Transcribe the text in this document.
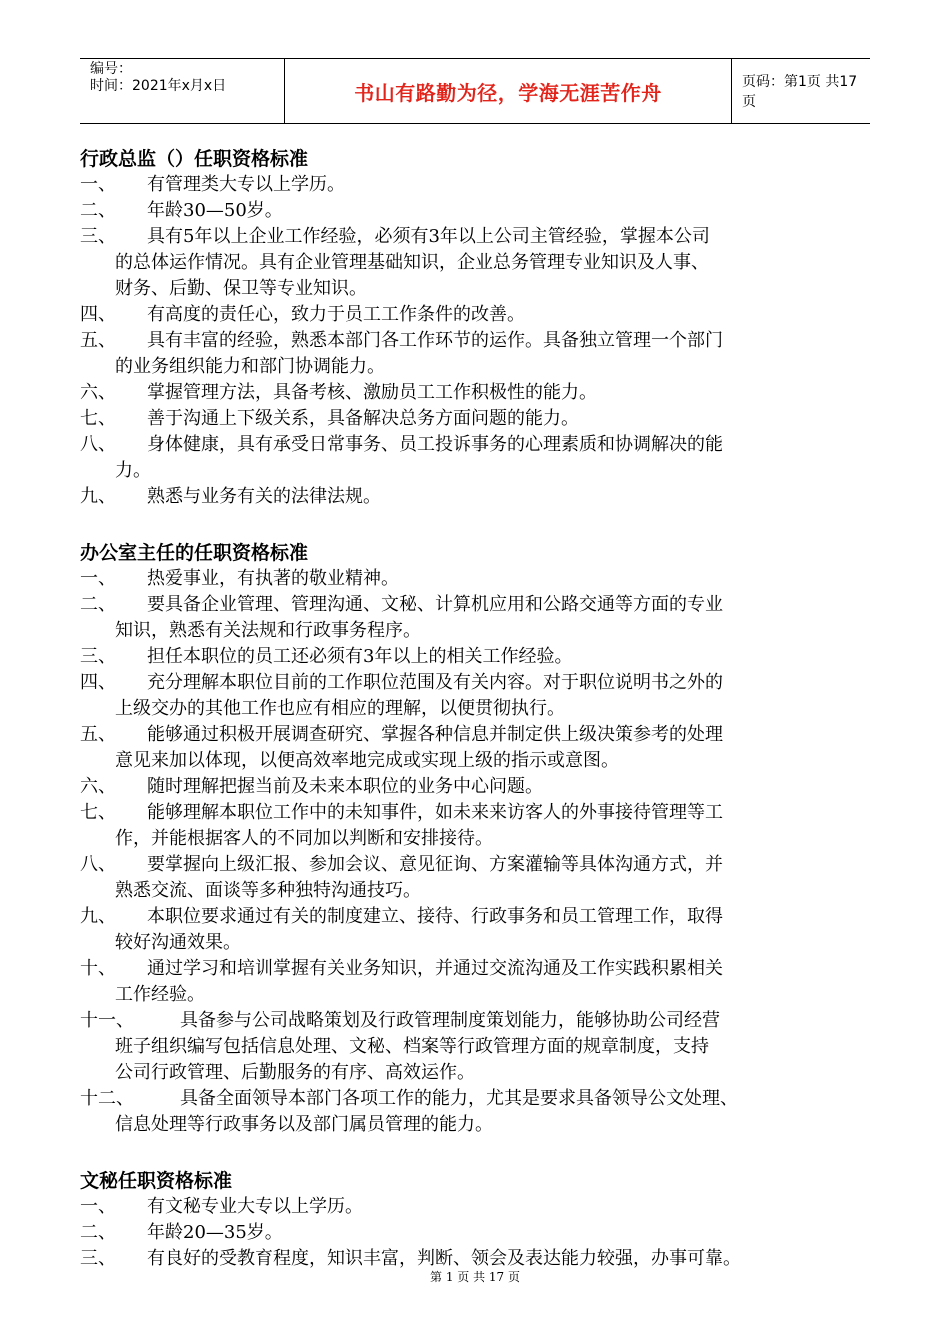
编号：
时间：2021年x月x日	书山有路勤为径，学海无涯苦作舟	页码：第1页 共17页
行政总监（）任职资格标准
一、	有管理类大专以上学历。
二、	年龄30—50岁。
三、	具有5年以上企业工作经验，必须有3年以上公司主管经验，掌握本公司
的总体运作情况。具有企业管理基础知识，企业总务管理专业知识及人事、
财务、后勤、保卫等专业知识。
四、	有高度的责任心，致力于员工工作条件的改善。
五、	具有丰富的经验，熟悉本部门各工作环节的运作。具备独立管理一个部门
的业务组织能力和部门协调能力。
六、	掌握管理方法，具备考核、激励员工工作积极性的能力。
七、	善于沟通上下级关系，具备解决总务方面问题的能力。
八、	身体健康，具有承受日常事务、员工投诉事务的心理素质和协调解决的能
力。
九、	熟悉与业务有关的法律法规。
办公室主任的任职资格标准
一、	热爱事业，有执著的敬业精神。
二、	要具备企业管理、管理沟通、文秘、计算机应用和公路交通等方面的专业
知识，熟悉有关法规和行政事务程序。
三、	担任本职位的员工还必须有3年以上的相关工作经验。
四、	充分理解本职位目前的工作职位范围及有关内容。对于职位说明书之外的
上级交办的其他工作也应有相应的理解，以便贯彻执行。
五、	能够通过积极开展调查研究、掌握各种信息并制定供上级决策参考的处理
意见来加以体现，以便高效率地完成或实现上级的指示或意图。
六、	随时理解把握当前及未来本职位的业务中心问题。
七、	能够理解本职位工作中的未知事件，如未来来访客人的外事接待管理等工
作，并能根据客人的不同加以判断和安排接待。
八、	要掌握向上级汇报、参加会议、意见征询、方案灌输等具体沟通方式，并
熟悉交流、面谈等多种独特沟通技巧。
九、	本职位要求通过有关的制度建立、接待、行政事务和员工管理工作，取得
较好沟通效果。
十、	通过学习和培训掌握有关业务知识，并通过交流沟通及工作实践积累相关
工作经验。
十一、	具备参与公司战略策划及行政管理制度策划能力，能够协助公司经营
班子组织编写包括信息处理、文秘、档案等行政管理方面的规章制度，支持
公司行政管理、后勤服务的有序、高效运作。
十二、	具备全面领导本部门各项工作的能力，尤其是要求具备领导公文处理、
信息处理等行政事务以及部门属员管理的能力。
文秘任职资格标准
一、	有文秘专业大专以上学历。
二、	年龄20—35岁。
三、	有良好的受教育程度，知识丰富，判断、领会及表达能力较强，办事可靠。
第 1 页 共 17 页
